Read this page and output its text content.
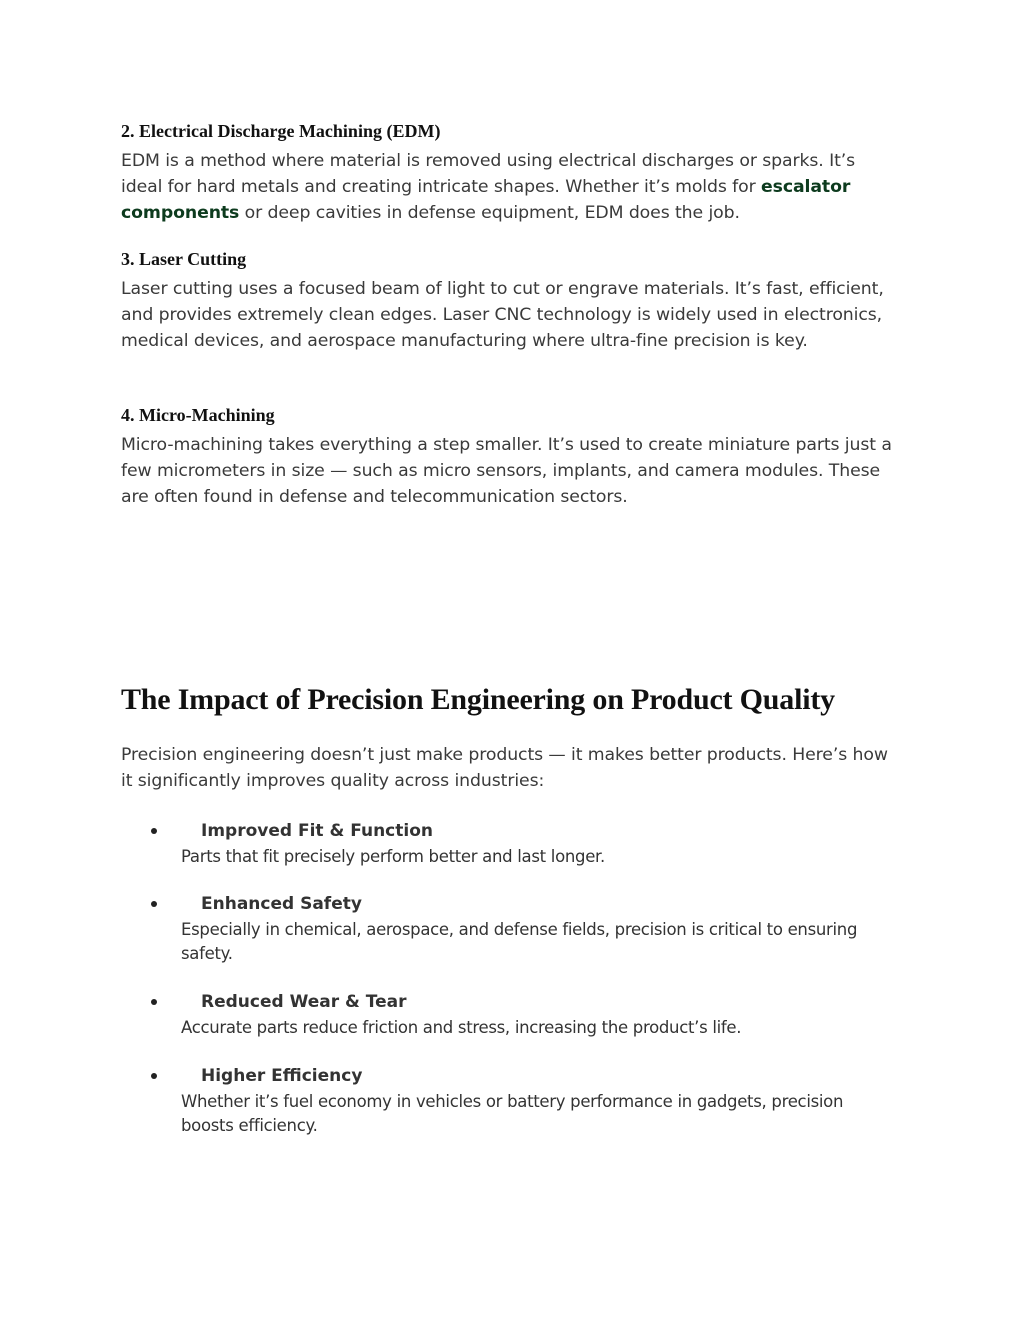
2. Electrical Discharge Machining (EDM)

EDM is a method where material is removed using electrical discharges or sparks. It’s ideal for hard metals and creating intricate shapes. Whether it’s molds for escalator components or deep cavities in defense equipment, EDM does the job.

3. Laser Cutting

Laser cutting uses a focused beam of light to cut or engrave materials. It’s fast, efficient, and provides extremely clean edges. Laser CNC technology is widely used in electronics, medical devices, and aerospace manufacturing where ultra-fine precision is key.

4. Micro-Machining

Micro-machining takes everything a step smaller. It’s used to create miniature parts just a few micrometers in size — such as micro sensors, implants, and camera modules. These are often found in defense and telecommunication sectors.

The Impact of Precision Engineering on Product Quality

Precision engineering doesn’t just make products — it makes better products. Here’s how it significantly improves quality across industries:

Improved Fit & Function
Parts that fit precisely perform better and last longer.
Enhanced Safety
Especially in chemical, aerospace, and defense fields, precision is critical to ensuring safety.
Reduced Wear & Tear
Accurate parts reduce friction and stress, increasing the product’s life.
Higher Efficiency
Whether it’s fuel economy in vehicles or battery performance in gadgets, precision boosts efficiency.
